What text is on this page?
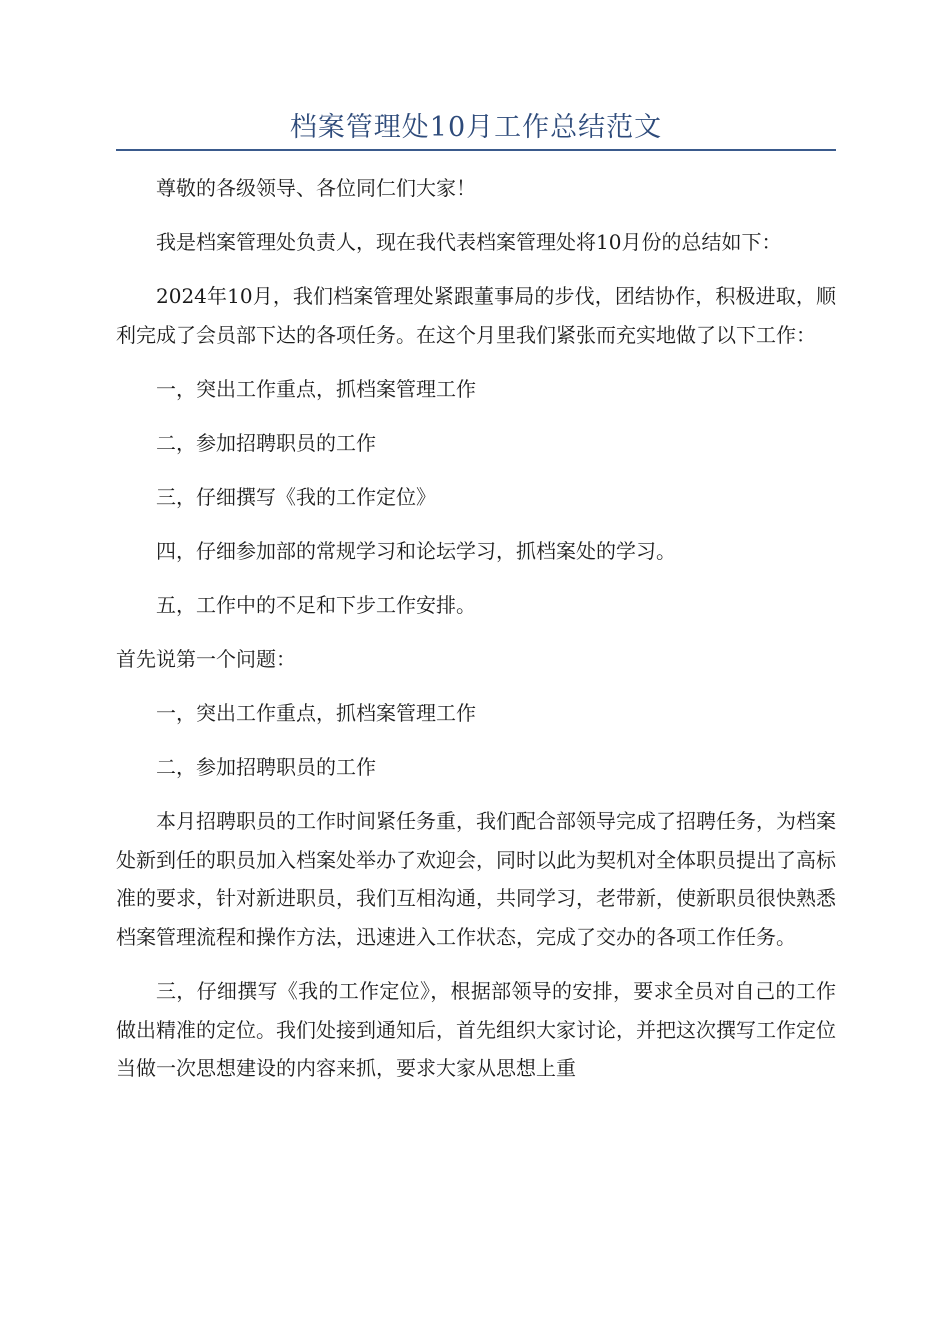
档案管理处10月工作总结范文

尊敬的各级领导、各位同仁们大家！

我是档案管理处负责人，现在我代表档案管理处将10月份的总结如下：

2024年10月，我们档案管理处紧跟董事局的步伐，团结协作，积极进取，顺利完成了会员部下达的各项任务。在这个月里我们紧张而充实地做了以下工作：

一，突出工作重点，抓档案管理工作

二，参加招聘职员的工作

三，仔细撰写《我的工作定位》

四，仔细参加部的常规学习和论坛学习，抓档案处的学习。

五，工作中的不足和下步工作安排。

首先说第一个问题：

一，突出工作重点，抓档案管理工作

二，参加招聘职员的工作

本月招聘职员的工作时间紧任务重，我们配合部领导完成了招聘任务，为档案处新到任的职员加入档案处举办了欢迎会，同时以此为契机对全体职员提出了高标准的要求，针对新进职员，我们互相沟通，共同学习，老带新，使新职员很快熟悉档案管理流程和操作方法，迅速进入工作状态，完成了交办的各项工作任务。

三，仔细撰写《我的工作定位》，根据部领导的安排，要求全员对自己的工作做出精准的定位。我们处接到通知后，首先组织大家讨论，并把这次撰写工作定位当做一次思想建设的内容来抓，要求大家从思想上重
